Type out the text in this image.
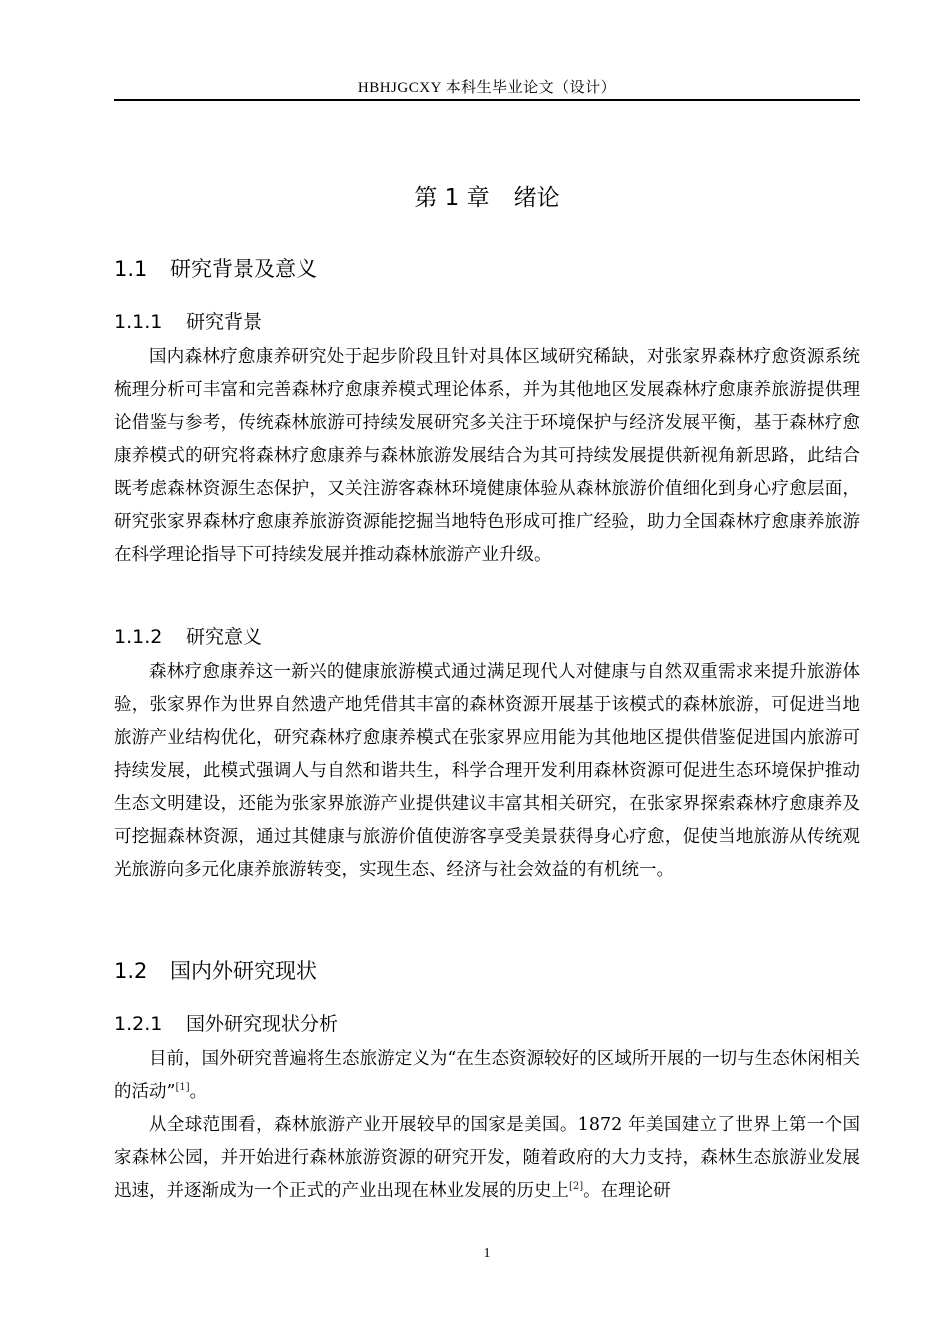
HBHJGCXY 本科生毕业论文（设计）
第 1 章 绪论
1.1 研究背景及意义
1.1.1 研究背景

国内森林疗愈康养研究处于起步阶段且针对具体区域研究稀缺，对张家界森林疗愈资源系统梳理分析可丰富和完善森林疗愈康养模式理论体系，并为其他地区发展森林疗愈康养旅游提供理论借鉴与参考，传统森林旅游可持续发展研究多关注于环境保护与经济发展平衡，基于森林疗愈康养模式的研究将森林疗愈康养与森林旅游发展结合为其可持续发展提供新视角新思路，此结合既考虑森林资源生态保护，又关注游客森林环境健康体验从森林旅游价值细化到身心疗愈层面，研究张家界森林疗愈康养旅游资源能挖掘当地特色形成可推广经验，助力全国森林疗愈康养旅游在科学理论指导下可持续发展并推动森林旅游产业升级。

1.1.2 研究意义

森林疗愈康养这一新兴的健康旅游模式通过满足现代人对健康与自然双重需求来提升旅游体验，张家界作为世界自然遗产地凭借其丰富的森林资源开展基于该模式的森林旅游，可促进当地旅游产业结构优化，研究森林疗愈康养模式在张家界应用能为其他地区提供借鉴促进国内旅游可持续发展，此模式强调人与自然和谐共生，科学合理开发利用森林资源可促进生态环境保护推动生态文明建设，还能为张家界旅游产业提供建议丰富其相关研究，在张家界探索森林疗愈康养及可挖掘森林资源，通过其健康与旅游价值使游客享受美景获得身心疗愈，促使当地旅游从传统观光旅游向多元化康养旅游转变，实现生态、经济与社会效益的有机统一。

1.2 国内外研究现状
1.2.1 国外研究现状分析

目前，国外研究普遍将生态旅游定义为“在生态资源较好的区域所开展的一切与生态休闲相关的活动”[1]。

从全球范围看，森林旅游产业开展较早的国家是美国。1872 年美国建立了世界上第一个国家森林公园，并开始进行森林旅游资源的研究开发，随着政府的大力支持，森林生态旅游业发展迅速，并逐渐成为一个正式的产业出现在林业发展的历史上[2]。在理论研

1
